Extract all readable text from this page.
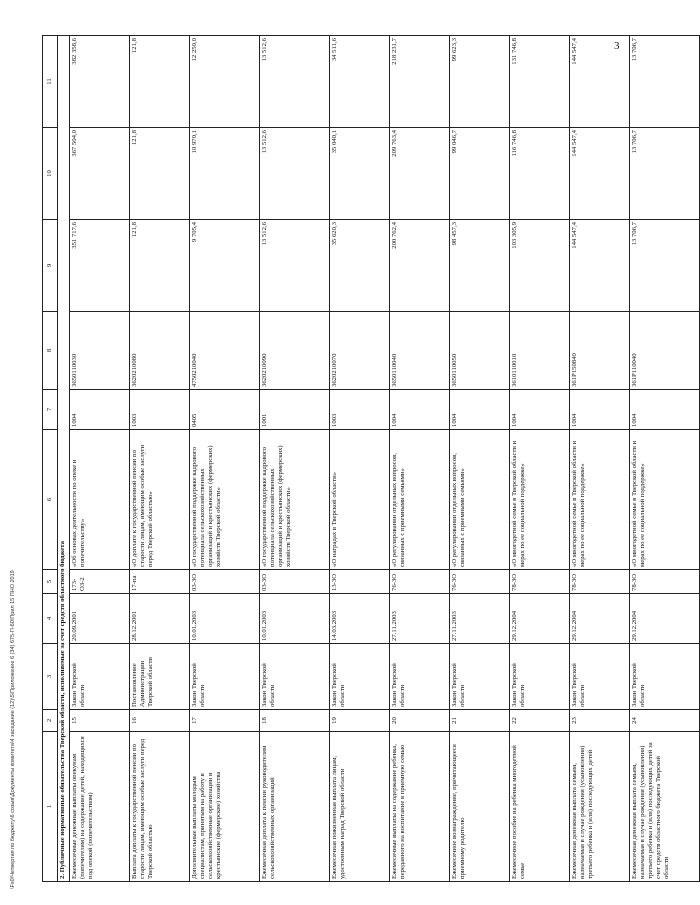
3
1	2	3	4	5	6	7	8	9	10	11
2. Публичные нормативные обязательства Тверской области, исполняемые за счет средств областного бюджета										
Ежемесячные денежные выплаты опекунам (попечителям) на содержание детей, находящихся под опекой (попечительством)	15	Закон Тверской области	20.09.2001	173-ОЗ-2	«Об основах деятельности по опеке и попечительству»	1004	3650110030	351 717,6	367 504,0	382 358,6
Выплата доплаты к государственной пенсии по старости лицам, имеющим особые заслуги перед Тверской областью	16	Постановление Администрации Тверской области	28.12.2001	17-па	«О доплате к государственной пенсии по старости лицам, имеющим особые заслуги перед Тверской областью»	1003	3620210080	121,8	121,8	121,8
Дополнительные выплаты молодым специалистам, принятым на работу в сельскохозяйственные организации и крестьянские (фермерские) хозяйства	17	Закон Тверской области	10.01.2003	03-ЗО	«О государственной поддержке кадрового потенциала сельскохозяйственных организаций и крестьянских (фермерских) хозяйств Тверской области»	0405	4750210040	9 705,4	10 970,1	12 250,0
Ежемесячная доплата к пенсии руководителям сельскохозяйственных организаций	18	Закон Тверской области	10.01.2003	03-ЗО	«О государственной поддержке кадрового потенциала сельскохозяйственных организаций и крестьянских (фермерских) хозяйств Тверской области»	1001	3620210090	13 512,6	13 512,6	13 512,6
Ежемесячная пожизненная выплата лицам, удостоенным наград Тверской области	19	Закон Тверской области	14.03.2003	13-ЗО	«О наградах в Тверской области»	1003	3620210070	35 620,3	35 040,1	34 511,6
Ежемесячные выплаты на содержание ребенка, переданного на воспитание в приемную семью	20	Закон Тверской области	27.11.2003	76-ЗО	«О регулировании отдельных вопросов, связанных с приемными семьями»	1004	3650110040	200 762,4	209 763,4	218 231,7
Ежемесячное вознаграждение, причитающееся приемному родителю	21	Закон Тверской области	27.11.2003	76-ЗО	«О регулировании отдельных вопросов, связанных с приемными семьями»	1004	3650110050	98 457,3	99 046,7	99 623,3
Ежемесячное пособие на ребенка многодетной семье	22	Закон Тверской области	29.12.2004	78-ЗО	«О многодетной семье в Тверской области и мерах по ее социальной поддержке»	1004	3610110010	103 305,9	116 746,8	131 746,8
Ежемесячная денежная выплата семьям, назначаемая в случае рождения (усыновления) третьего ребенка и (или) последующих детей	23	Закон Тверской области	29.12.2004	78-ЗО	«О многодетной семье в Тверской области и мерах по ее социальной поддержке»	1004	361P150840	144 547,4	144 547,4	144 547,4
Ежемесячная денежная выплата семьям, назначаемая в случае рождения (усыновления) третьего ребенка и (или) последующих детей за счет средств областного бюджета Тверской области	24	Закон Тверской области	29.12.2004	78-ЗО	«О многодетной семье в Тверской области и мерах по ее социальной поддержке»	1004	361P110040	13 706,7	13 706,7	13 706,7
\Fs0\Четвертая по бюджету\6 созыв\Документы комитета\4 заседание (12)\5\Приложение 6 (34) 675-П-60\Прил 15 ПНО 2019
